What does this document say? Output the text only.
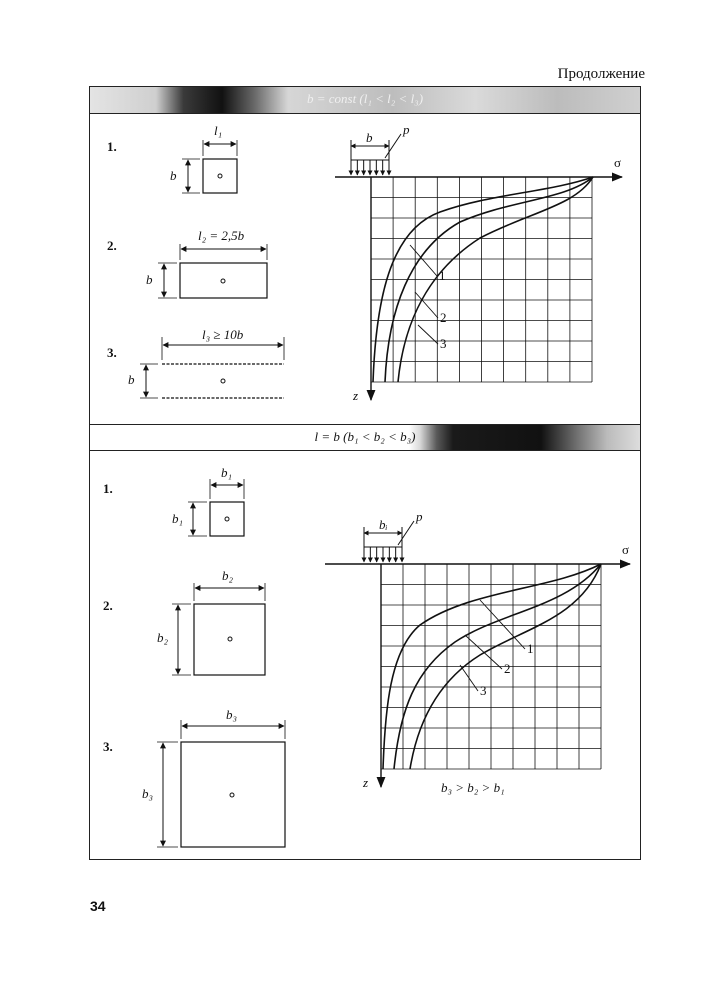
Продолжение
b = const (l₁ < l₂ < l₃)
l = b (b₁ < b₂ < b₃)
1.
2.
3.
l₁
b
l₂ = 2,5b
b
l₃ ≥ 10b
b
1.
2.
3.
b₁
b₁
b₂
b₂
b₃
b₃
σ
z
b
p
1
2
3
σ
z
bᵢ
p
1
2
3
b₃ > b₂ > b₁
34
